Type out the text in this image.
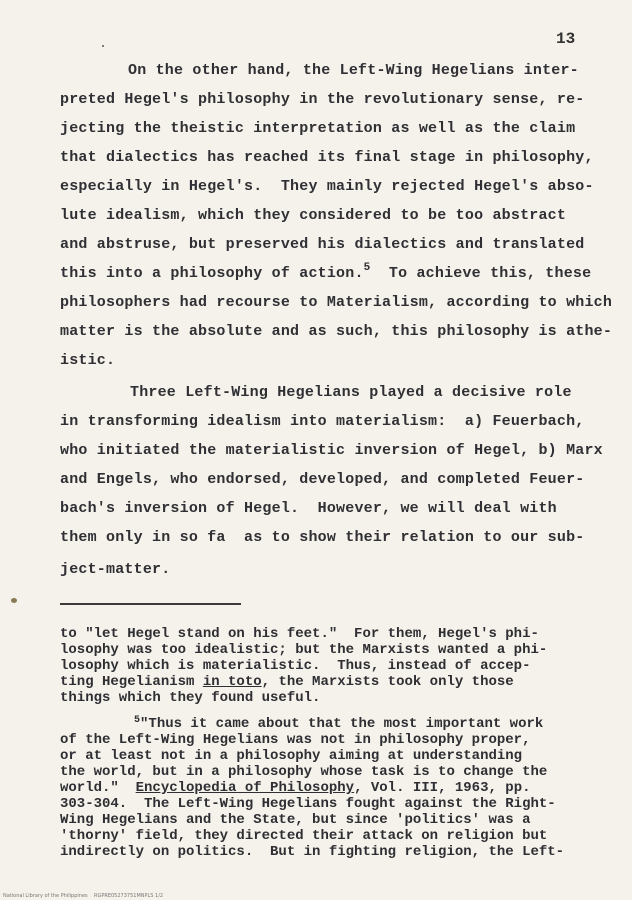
13
On the other hand, the Left-Wing Hegelians inter-
preted Hegel's philosophy in the revolutionary sense, re-
jecting the theistic interpretation as well as the claim
that dialectics has reached its final stage in philosophy,
especially in Hegel's.  They mainly rejected Hegel's abso-
lute idealism, which they considered to be too abstract
and abstruse, but preserved his dialectics and translated
this into a philosophy of action.$^5$  To achieve this, these
philosophers had recourse to Materialism, according to which
matter is the absolute and as such, this philosophy is athe-
istic.
Three Left-Wing Hegelians played a decisive role
in transforming idealism into materialism:  a) Feuerbach,
who initiated the materialistic inversion of Hegel, b) Marx
and Engels, who endorsed, developed, and completed Feuer-
bach's inversion of Hegel.  However, we will deal with
them only in so fa  as to show their relation to our sub-
ject-matter.
to "let Hegel stand on his feet."  For them, Hegel's phi-
losophy was too idealistic; but the Marxists wanted a phi-
losophy which is materialistic.  Thus, instead of accep-
ting Hegelianism in toto, the Marxists took only those
things which they found useful.
$^5$"Thus it came about that the most important work
of the Left-Wing Hegelians was not in philosophy proper,
or at least not in a philosophy aiming at understanding
the world, but in a philosophy whose task is to change the
world."  Encyclopedia of Philosophy, Vol. III, 1963, pp.
303-304.  The Left-Wing Hegelians fought against the Right-
Wing Hegelians and the State, but since 'politics' was a
'thorny' field, they directed their attack on religion but
indirectly on politics.  But in fighting religion, the Left-
National Library of the Philippines    RGPRE05273751MNPLS 1/2
